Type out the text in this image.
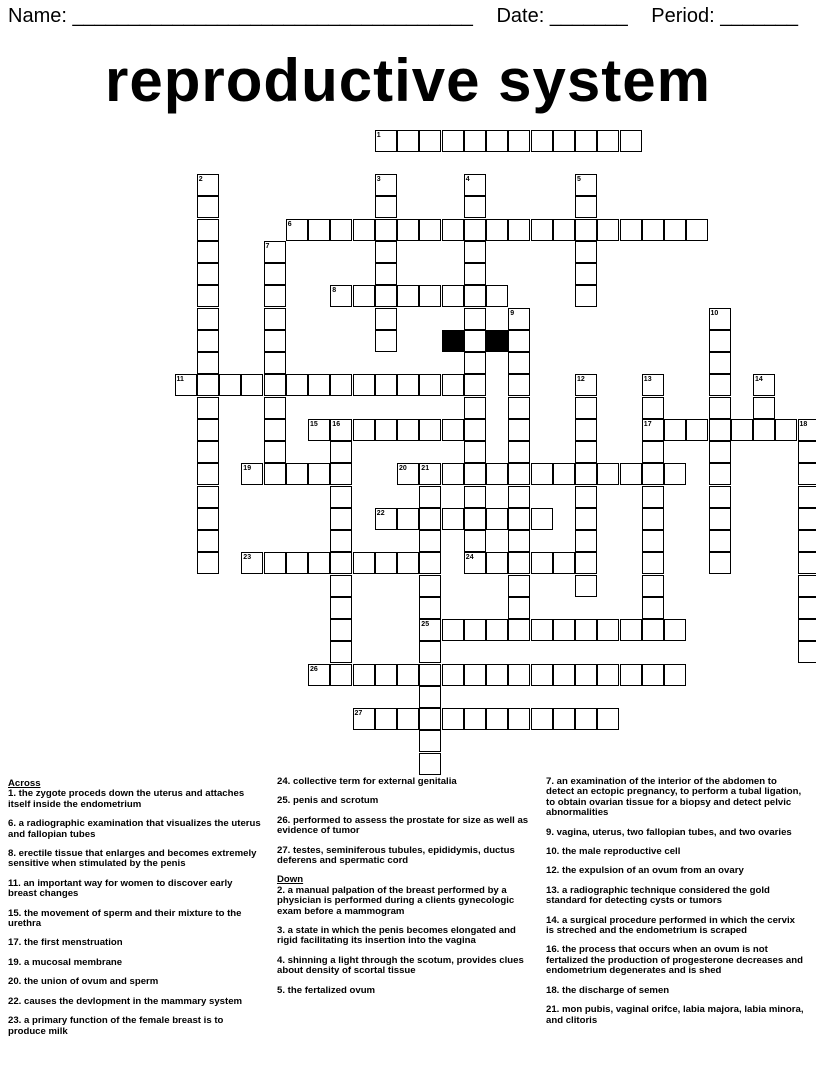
Name: ____________________________________ Date: _______ Period: _______
reproductive system
1
2	3	4	5
6
7
8
9	10
11	12	13	14
15 16	17	18
19	20 21
22
23	24
25
26
27
Across
1. the zygote proceds down the uterus and attaches itself inside the endometrium
6. a radiographic examination that visualizes the uterus and fallopian tubes
8. erectile tissue that enlarges and becomes extremely sensitive when stimulated by the penis
11. an important way for women to discover early breast changes
15. the movement of sperm and their mixture to the urethra
17. the first menstruation
19. a mucosal membrane
20. the union of ovum and sperm
22. causes the devlopment in the mammary system
23. a primary function of the female breast is to produce milk
24. collective term for external genitalia
25. penis and scrotum
26. performed to assess the prostate for size as well as evidence of tumor
27. testes, seminiferous tubules, epididymis, ductus deferens and spermatic cord
Down
2. a manual palpation of the breast performed by a physician is performed during a clients gynecologic exam before a mammogram
3. a state in which the penis becomes elongated and rigid facilitating its insertion into the vagina
4. shinning a light through the scotum, provides clues about density of scortal tissue
5. the fertalized ovum
7. an examination of the interior of the abdomen to detect an ectopic pregnancy, to perform a tubal ligation, to obtain ovarian tissue for a biopsy and detect pelvic abnormalities
9. vagina, uterus, two fallopian tubes, and two ovaries
10. the male reproductive cell
12. the expulsion of an ovum from an ovary
13. a radiographic technique considered the gold standard for detecting cysts or tumors
14. a surgical procedure performed in which the cervix is streched and the endometrium is scraped
16. the process that occurs when an ovum is not fertalized the production of progesterone decreases and endometrium degenerates and is shed
18. the discharge of semen
21. mon pubis, vaginal orifce, labia majora, labia minora, and clitoris
